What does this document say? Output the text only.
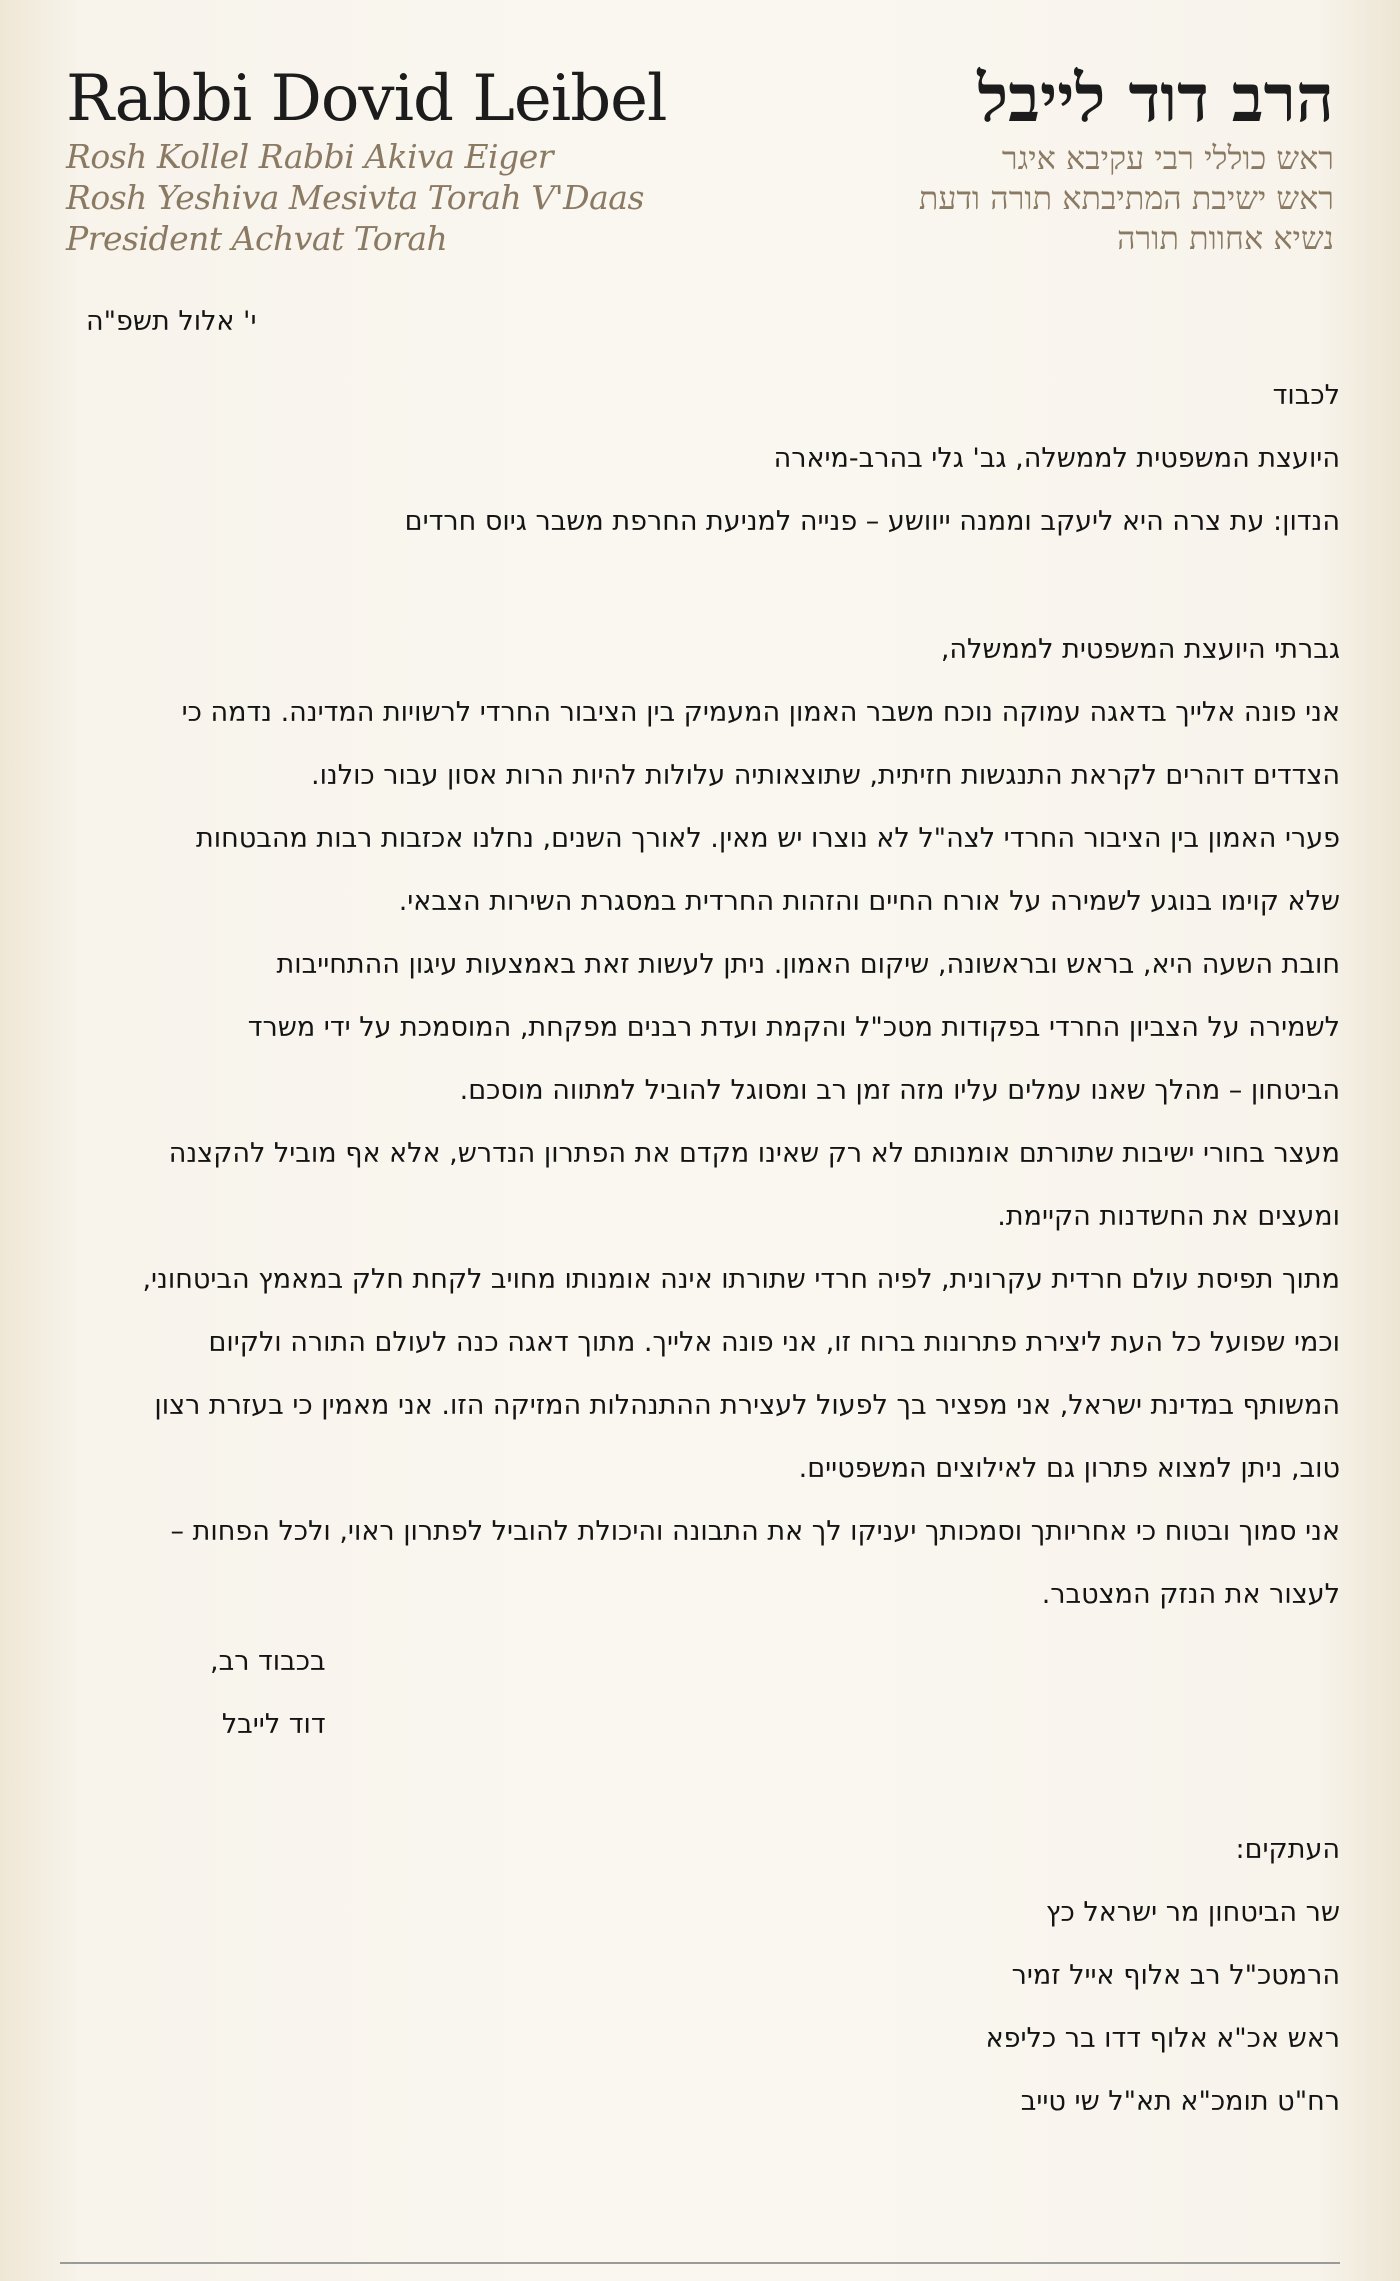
Rabbi Dovid Leibel
Rosh Kollel Rabbi Akiva Eiger
Rosh Yeshiva Mesivta Torah V'Daas
President Achvat Torah
הרב דוד לייבל
ראש כוללי רבי עקיבא איגר
ראש ישיבת המתיבתא תורה ודעת
נשיא אחוות תורה
י' אלול תשפ"ה

לכבוד

היועצת המשפטית לממשלה, גב' גלי בהרב-מיארה

הנדון: עת צרה היא ליעקב וממנה ייוושע – פנייה למניעת החרפת משבר גיוס חרדים

גברתי היועצת המשפטית לממשלה,

אני פונה אלייך בדאגה עמוקה נוכח משבר האמון המעמיק בין הציבור החרדי לרשויות המדינה. נדמה כי

הצדדים דוהרים לקראת התנגשות חזיתית, שתוצאותיה עלולות להיות הרות אסון עבור כולנו.

פערי האמון בין הציבור החרדי לצה"ל לא נוצרו יש מאין. לאורך השנים, נחלנו אכזבות רבות מהבטחות

שלא קוימו בנוגע לשמירה על אורח החיים והזהות החרדית במסגרת השירות הצבאי.

חובת השעה היא, בראש ובראשונה, שיקום האמון. ניתן לעשות זאת באמצעות עיגון ההתחייבות

לשמירה על הצביון החרדי בפקודות מטכ"ל והקמת ועדת רבנים מפקחת, המוסמכת על ידי משרד

הביטחון – מהלך שאנו עמלים עליו מזה זמן רב ומסוגל להוביל למתווה מוסכם.

מעצר בחורי ישיבות שתורתם אומנותם לא רק שאינו מקדם את הפתרון הנדרש, אלא אף מוביל להקצנה

ומעצים את החשדנות הקיימת.

מתוך תפיסת עולם חרדית עקרונית, לפיה חרדי שתורתו אינה אומנותו מחויב לקחת חלק במאמץ הביטחוני,

וכמי שפועל כל העת ליצירת פתרונות ברוח זו, אני פונה אלייך. מתוך דאגה כנה לעולם התורה ולקיום

המשותף במדינת ישראל, אני מפציר בך לפעול לעצירת ההתנהלות המזיקה הזו. אני מאמין כי בעזרת רצון

טוב, ניתן למצוא פתרון גם לאילוצים המשפטיים.

אני סמוך ובטוח כי אחריותך וסמכותך יעניקו לך את התבונה והיכולת להוביל לפתרון ראוי, ולכל הפחות –

לעצור את הנזק המצטבר.

בכבוד רב,
דוד לייבל

העתקים:

שר הביטחון מר ישראל כץ

הרמטכ"ל רב אלוף אייל זמיר

ראש אכ"א אלוף דדו בר כליפא

רח"ט תומכ"א תא"ל שי טייב
